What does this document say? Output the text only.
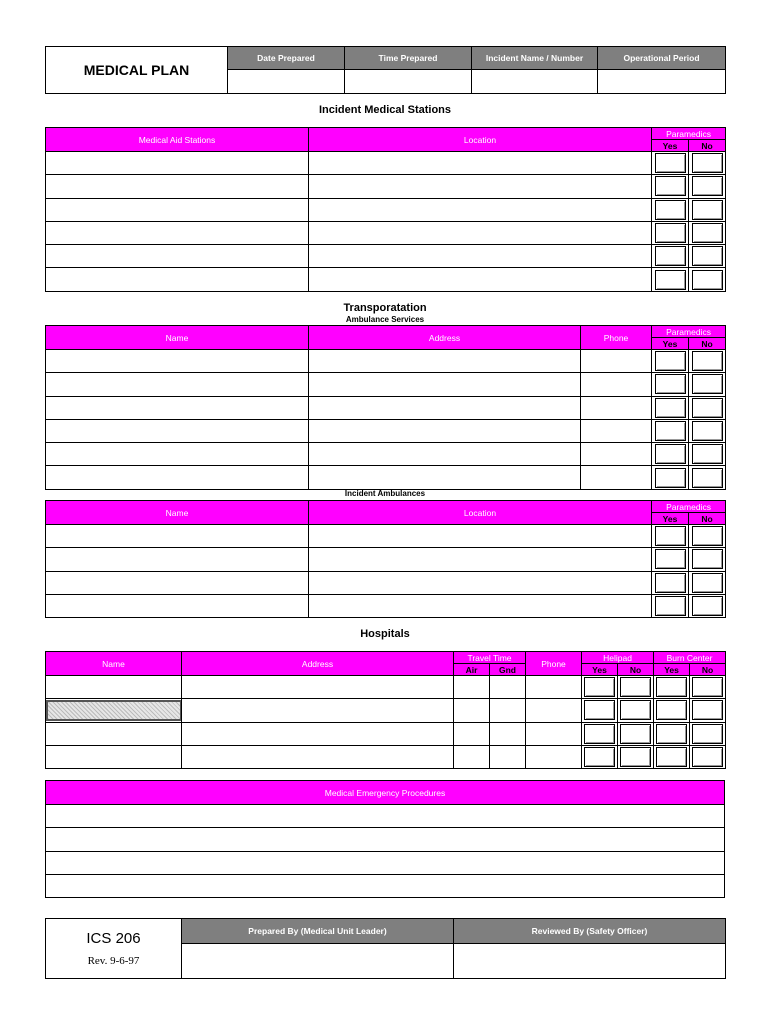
MEDICAL PLAN	Date Prepared	Time Prepared	Incident Name / Number	Operational Period

Incident Medical Stations
Medical Aid Stations	Location	Paramedics	
		Yes	No

Transporatation
Ambulance Services
Name	Address	Phone	Paramedics	
			Yes	No

Incident Ambulances
Name	Location	Paramedics	
		Yes	No

Hospitals
Name	Address	Travel Time		Phone	Helipad		Burn Center	
		Air	Gnd		Yes	No	Yes	No

Medical Emergency Procedures

ICS 206
Rev. 9-6-97	Prepared By (Medical Unit Leader)	Reviewed By (Safety Officer)
